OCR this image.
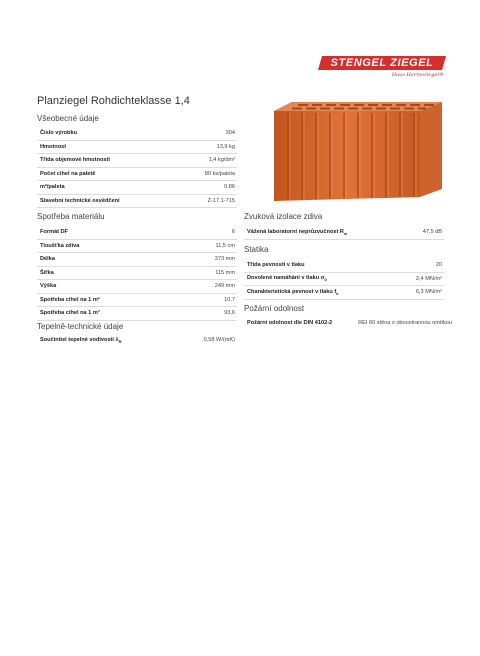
STENGEL ZIEGEL
Haus Harmoziegel®
Planziegel Rohdichteklasse 1,4
Všeobecné údaje
Číslo výrobku	304
Hmotnost	13,9 kg
Třída objemové hmotnosti	1,4 kg/dm³
Počet cihel na paletě	80 ks/paleta
m²/paleta	0,86
Stavební technické osvědčení	Z-17.1-715
Spotřeba materiálu
Formát DF	6
Tloušťka zdiva	11,5 cm
Délka	373 mm
Šířka	115 mm
Výška	249 mm
Spotřeba cihel na 1 m²	10,7
Spotřeba cihel na 1 m³	93,6
Tepelně-technické údaje
Součinitel tepelné vodivosti $\lambda_R$	0,58 W/(mK)
Zvuková izolace zdiva
Vážená laboratorní neprůzvučnost $R_w$	47,5 dB
Statika
Třída pevnosti v tlaku	20
Dovolené namáhání v tlaku $\sigma_0$	2,4 MN/m²
Charakteristická pevnost v tlaku $f_k$	6,3 MN/m²
Požární odolnost
Požární odolnost dle DIN 4102-2	REI 60 stěna s oboustrannou omítkou
